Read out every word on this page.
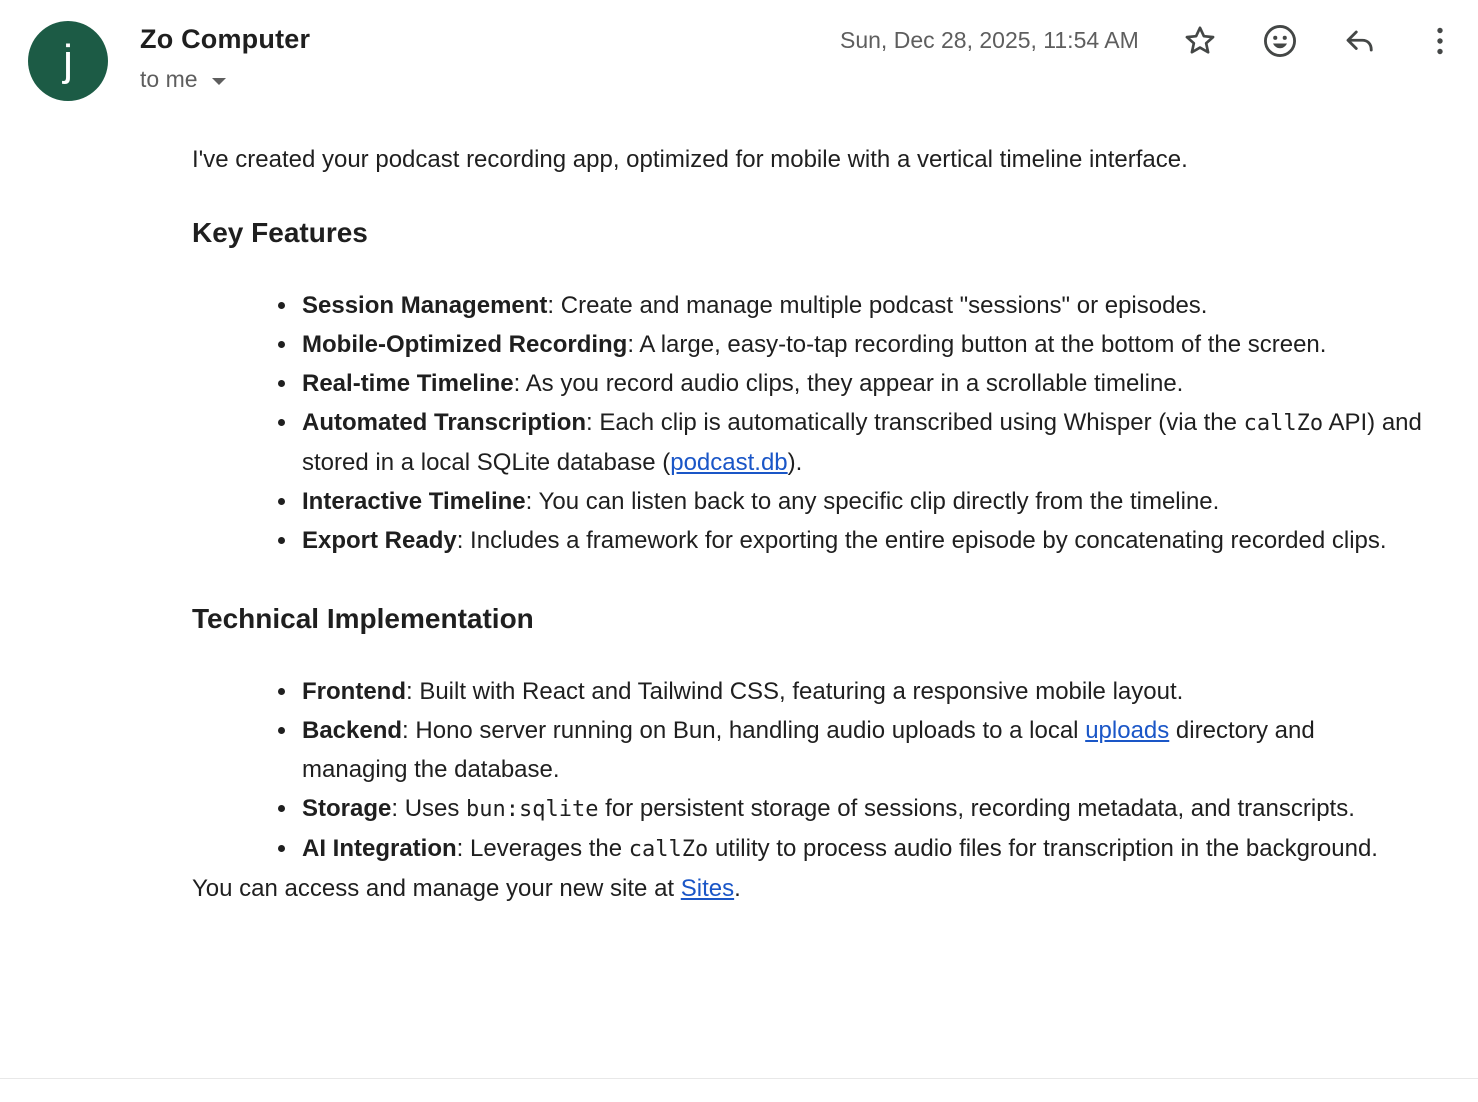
j Zo Computer
to me
Sun, Dec 28, 2025, 11:54 AM

I've created your podcast recording app, optimized for mobile with a vertical timeline interface.

Key Features
Session Management: Create and manage multiple podcast "sessions" or episodes.
Mobile-Optimized Recording: A large, easy-to-tap recording button at the bottom of the screen.
Real-time Timeline: As you record audio clips, they appear in a scrollable timeline.
Automated Transcription: Each clip is automatically transcribed using Whisper (via the callZo API) and stored in a local SQLite database (podcast.db).
Interactive Timeline: You can listen back to any specific clip directly from the timeline.
Export Ready: Includes a framework for exporting the entire episode by concatenating recorded clips.
Technical Implementation
Frontend: Built with React and Tailwind CSS, featuring a responsive mobile layout.
Backend: Hono server running on Bun, handling audio uploads to a local uploads directory and managing the database.
Storage: Uses bun:sqlite for persistent storage of sessions, recording metadata, and transcripts.
AI Integration: Leverages the callZo utility to process audio files for transcription in the background.

You can access and manage your new site at Sites.
